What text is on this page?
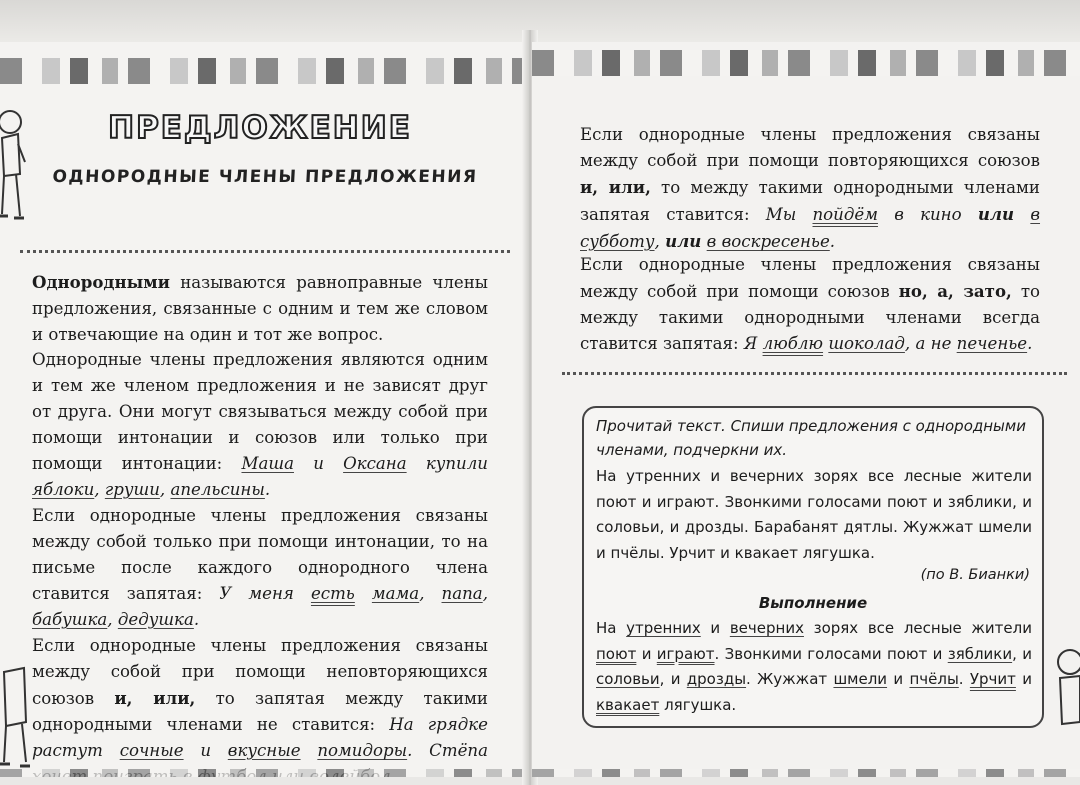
ПРЕДЛОЖЕНИЕ
ОДНОРОДНЫЕ ЧЛЕНЫ ПРЕДЛОЖЕНИЯ

Однородными называются равноправные члены предложения, связанные с одним и тем же словом и отвечающие на один и тот же вопрос.

Однородные члены предложения являются одним и тем же членом предложения и не зависят друг от друга. Они могут связываться между собой при помощи интонации и союзов или только при помощи интонации: Маша и Оксана купили яблоки, груши, апельсины.

Если однородные члены предложения связаны между собой только при помощи интонации, то на письме после каждого однородного члена ставится запятая: У меня есть мама, папа, бабушка, дедушка.

Если однородные члены предложения связаны между собой при помощи неповторяющихся союзов и, или, то запятая между такими однородными членами не ставится: На грядке растут сочные и вкусные помидоры. Стёпа

Если однородные члены предложения связаны между собой при помощи повторяющихся союзов и, или, то между такими однородными членами запятая ставится: Мы пойдём в кино или в субботу, или в воскресенье.

Если однородные члены предложения связаны между собой при помощи союзов но, а, зато, то между такими однородными членами всегда ставится запятая: Я люблю шоколад, а не печенье.

Прочитай текст. Спиши предложения с однородными членами, подчеркни их.

На утренних и вечерних зорях все лесные жители поют и играют. Звонкими голосами поют и зяблики, и соловьи, и дрозды. Барабанят дятлы. Жужжат шмели и пчёлы. Урчит и квакает лягушка.

(по В. Бианки)

Выполнение

На утренних и вечерних зорях все лесные жители поют и играют. Звонкими голосами поют и зяблики, и соловьи, и дрозды. Жужжат шмели и пчёлы. Урчит и квакает лягушка.
